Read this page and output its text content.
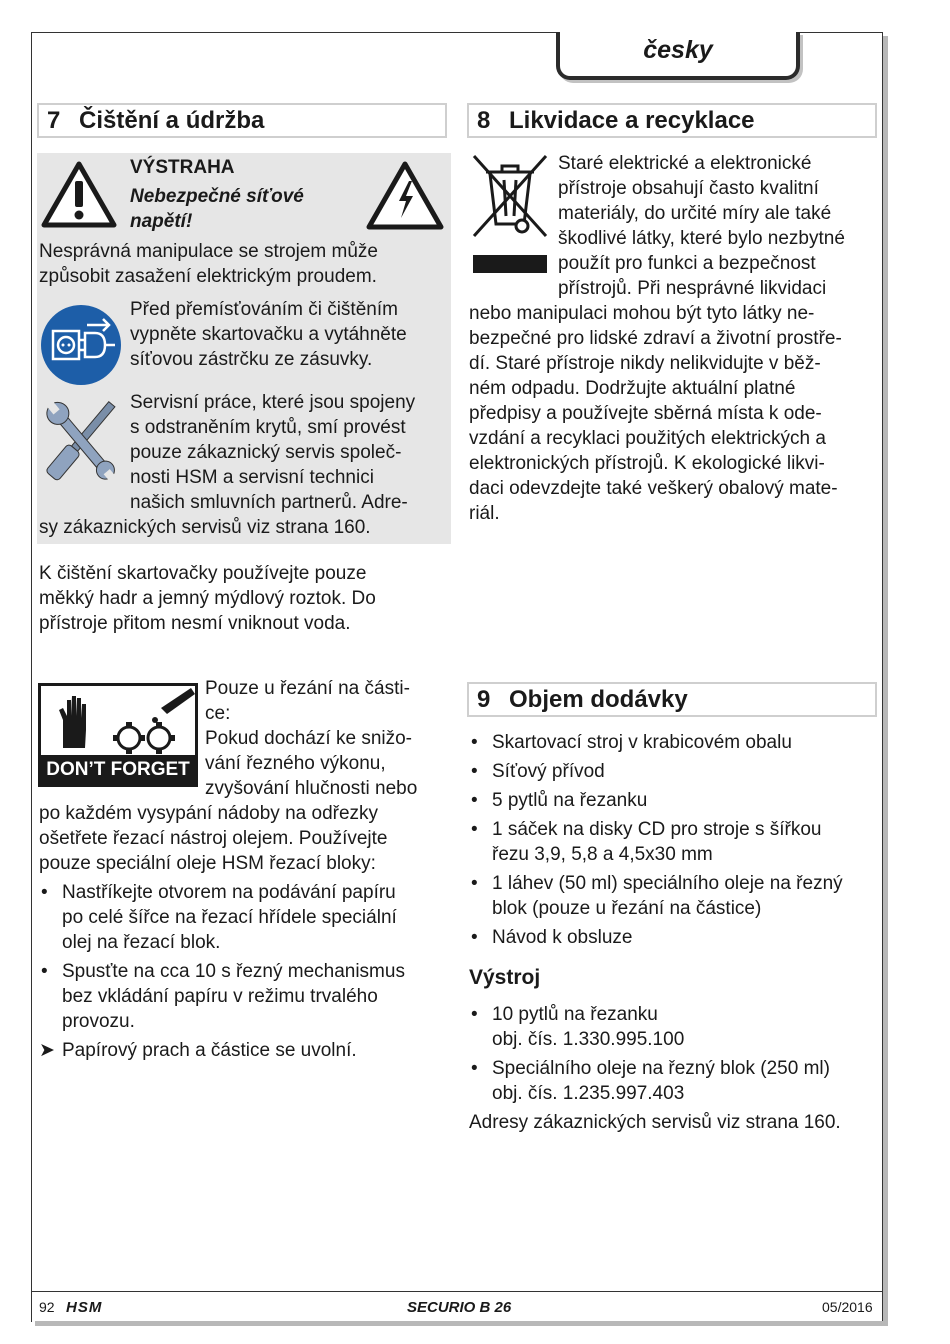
česky
7 Čištění a údržba
VÝSTRAHA
Nebezpečné síťové
napětí!
Nesprávná manipulace se strojem může
způsobit zasažení elektrickým proudem.
Před přemísťováním či čištěním
vypněte skartovačku a vytáhněte
síťovou zástrčku ze zásuvky.
Servisní práce, které jsou spojeny
s odstraněním krytů, smí provést
pouze zákaznický servis společ-
nosti HSM a servisní technici
našich smluvních partnerů. Adre-
sy zákaznických servisů viz strana 160.
K čištění skartovačky používejte pouze
měkký hadr a jemný mýdlový roztok. Do
přístroje přitom nesmí vniknout voda.
DON’T FORGET
Pouze u řezání na části-
ce:
Pokud dochází ke snižo-
vání řezného výkonu,
zvyšování hlučnosti nebo
po každém vysypání nádoby na odřezky
ošetřete řezací nástroj olejem. Používejte
pouze speciální oleje HSM řezací bloky:
• Nastříkejte otvorem na podávání papíru
po celé šířce na řezací hřídele speciální
olej na řezací blok.
• Spusťte na cca 10 s řezný mechanismus
bez vkládání papíru v režimu trvalého
provozu.
➤ Papírový prach a částice se uvolní.
8 Likvidace a recyklace
Staré elektrické a elektronické
přístroje obsahují často kvalitní
materiály, do určité míry ale také
škodlivé látky, které bylo nezbytné
použít pro funkci a bezpečnost
přístrojů. Při nesprávné likvidaci
nebo manipulaci mohou být tyto látky ne-
bezpečné pro lidské zdraví a životní prostře-
dí. Staré přístroje nikdy nelikvidujte v běž-
ném odpadu. Dodržujte aktuální platné
předpisy a používejte sběrná místa k ode-
vzdání a recyklaci použitých elektrických a
elektronických přístrojů. K ekologické likvi-
daci odevzdejte také veškerý obalový mate-
riál.
9 Objem dodávky
• Skartovací stroj v krabicovém obalu
• Síťový přívod
• 5 pytlů na řezanku
• 1 sáček na disky CD pro stroje s šířkou
řezu 3,9, 5,8 a 4,5x30 mm
• 1 láhev (50 ml) speciálního oleje na řezný
blok (pouze u řezání na částice)
• Návod k obsluze
Výstroj
• 10 pytlů na řezanku
obj. čís. 1.330.995.100
• Speciálního oleje na řezný blok (250 ml)
obj. čís. 1.235.997.403
Adresy zákaznických servisů viz strana 160.
92 HSM	SECURIO B 26	05/2016
